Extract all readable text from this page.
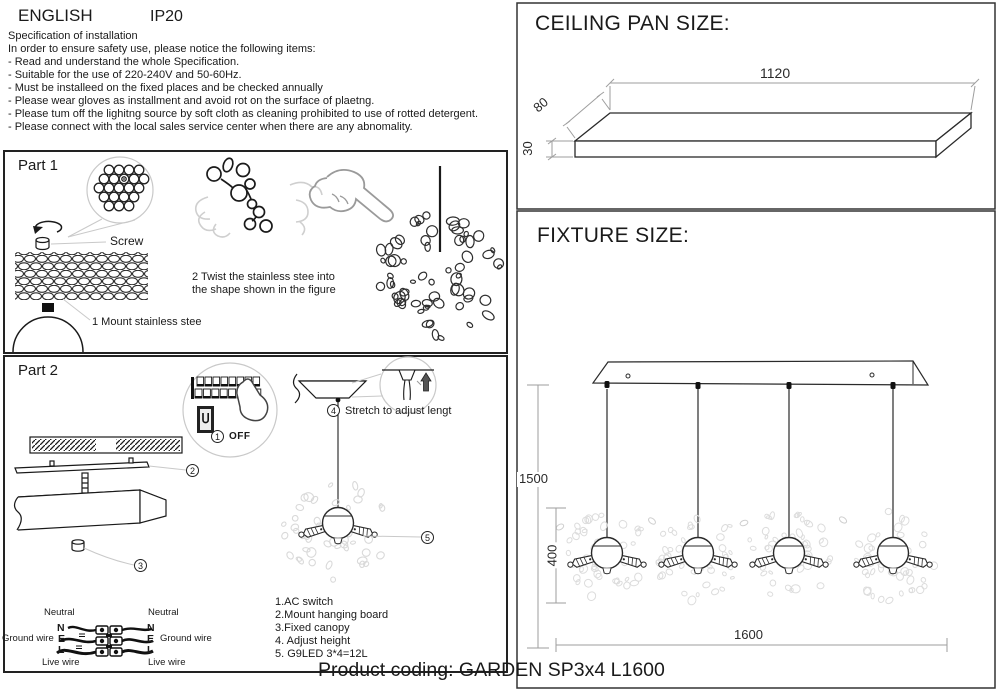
ENGLISH	IP20
Specification of installation
In order to ensure safety use, please notice the following items:
- Read and understand the whole Specification.
- Suitable for the use of 220-240V and 50-60Hz.
- Must be installeed on the fixed places and be checked annually
- Please wear gloves as installment and avoid rot on the surface of plaetng.
- Please tum off the lighitng source by soft cloth as cleaning prohibited to use of rotted detergent.
- Please connect with the local sales service center when there are any abnomality.
Part 1
Screw
1 Mount stainless stee
2 Twist the stainless stee into
the shape shown in the figure
Part 2
1 OFF
2
3
4 Stretch to adjust lengt
5
Neutral
N
Ground wire E
L
Live wire
Neutral
N
E Ground wire
L
Live wire
1.AC switch
2.Mount hanging board
3.Fixed canopy
4. Adjust height
5. G9LED 3*4=12L
Product coding: GARDEN SP3x4 L1600
CEILING PAN SIZE:
1120
80
30
FIXTURE SIZE:
1500
400
1600
